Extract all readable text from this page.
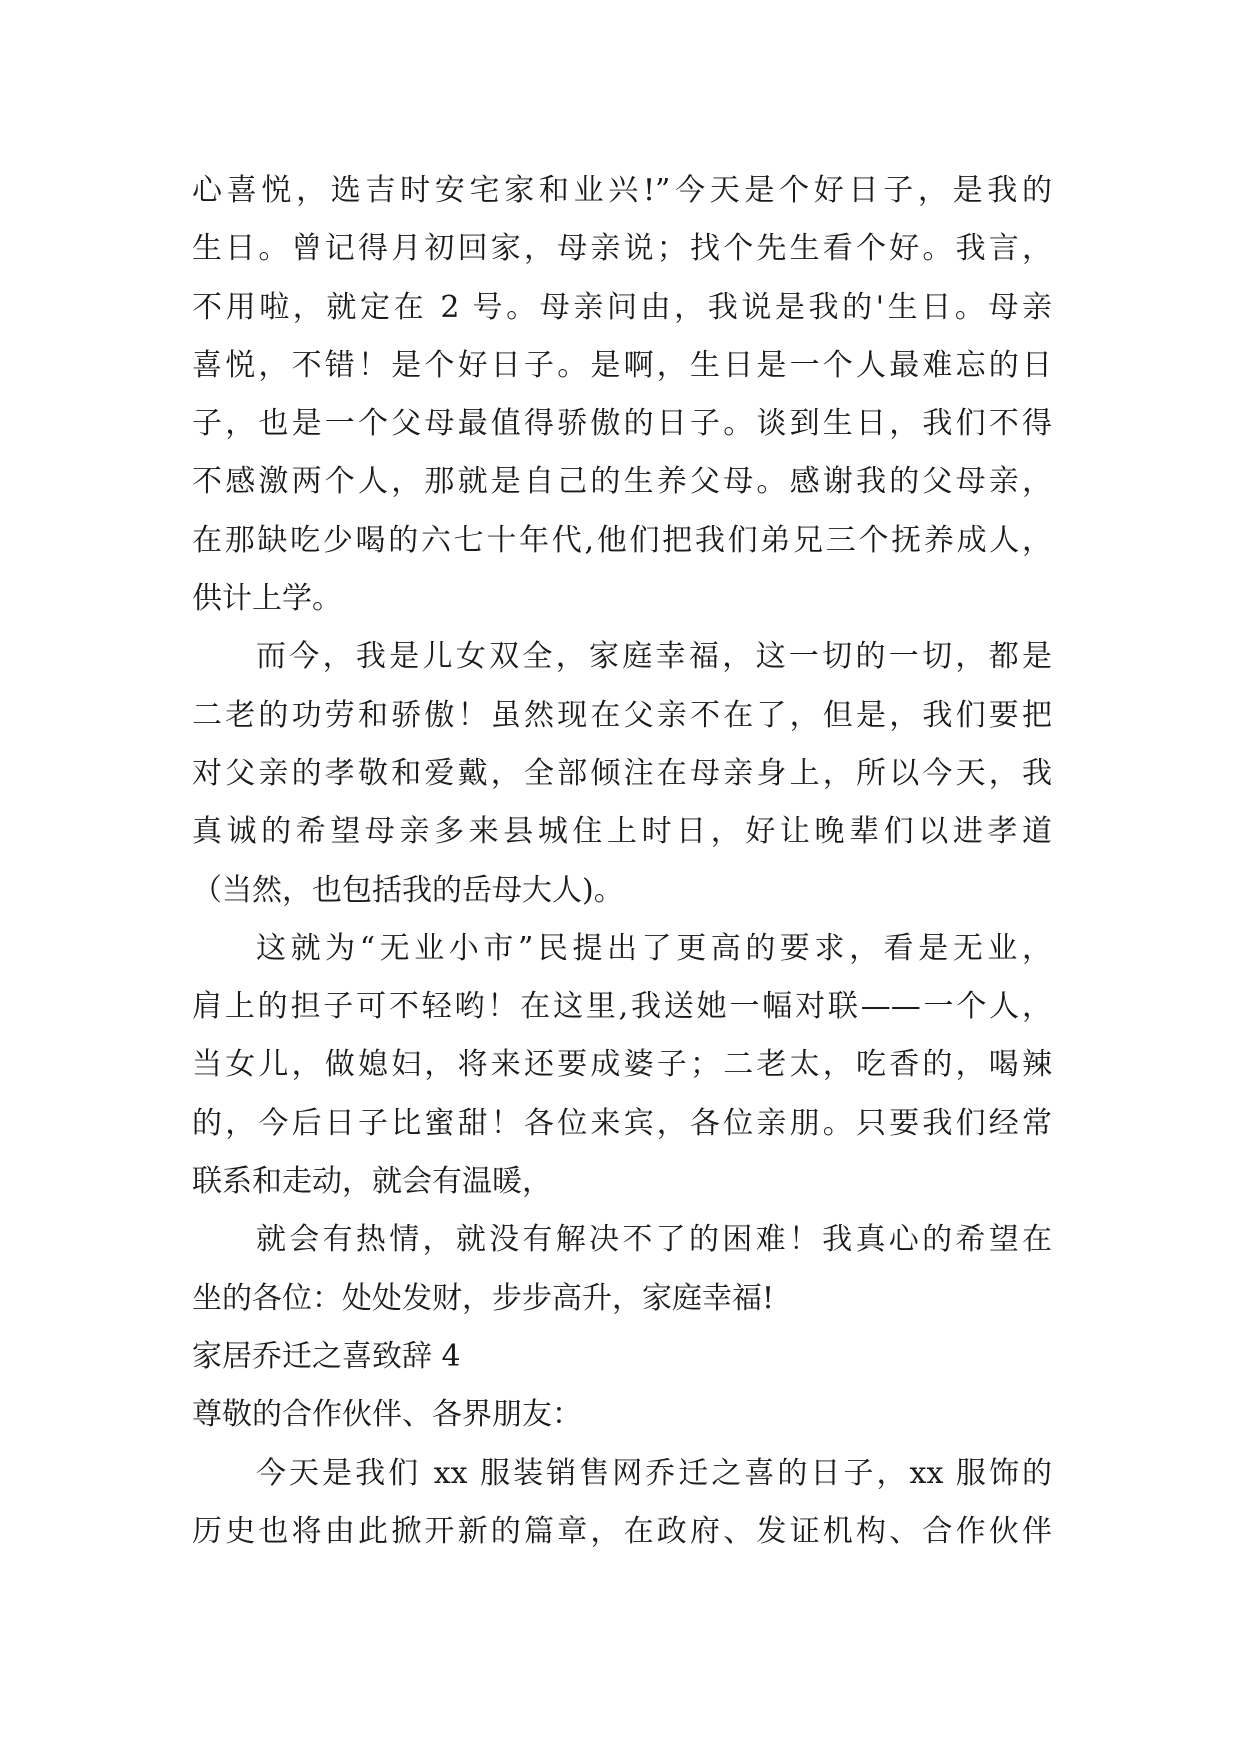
心喜悦，选吉时安宅家和业兴!”今天是个好日子，是我的
生日。曾记得月初回家，母亲说；找个先生看个好。我言，
不用啦，就定在 2 号。母亲问由，我说是我的'生日。母亲
喜悦，不错！是个好日子。是啊，生日是一个人最难忘的日
子，也是一个父母最值得骄傲的日子。谈到生日，我们不得
不感激两个人，那就是自己的生养父母。感谢我的父母亲，
在那缺吃少喝的六七十年代,他们把我们弟兄三个抚养成人，
供计上学。
而今，我是儿女双全，家庭幸福，这一切的一切，都是
二老的功劳和骄傲！虽然现在父亲不在了，但是，我们要把
对父亲的孝敬和爱戴，全部倾注在母亲身上，所以今天，我
真诚的希望母亲多来县城住上时日，好让晚辈们以进孝道
（当然，也包括我的岳母大人)。
这就为“无业小市”民提出了更高的要求，看是无业，
肩上的担子可不轻哟！在这里,我送她一幅对联——一个人，
当女儿，做媳妇，将来还要成婆子；二老太，吃香的，喝辣
的，今后日子比蜜甜！各位来宾，各位亲朋。只要我们经常
联系和走动，就会有温暖，
就会有热情，就没有解决不了的困难！我真心的希望在
坐的各位：处处发财，步步高升，家庭幸福!
家居乔迁之喜致辞 4
尊敬的合作伙伴、各界朋友：
今天是我们 xx 服装销售网乔迁之喜的日子，xx 服饰的
历史也将由此掀开新的篇章，在政府、发证机构、合作伙伴
